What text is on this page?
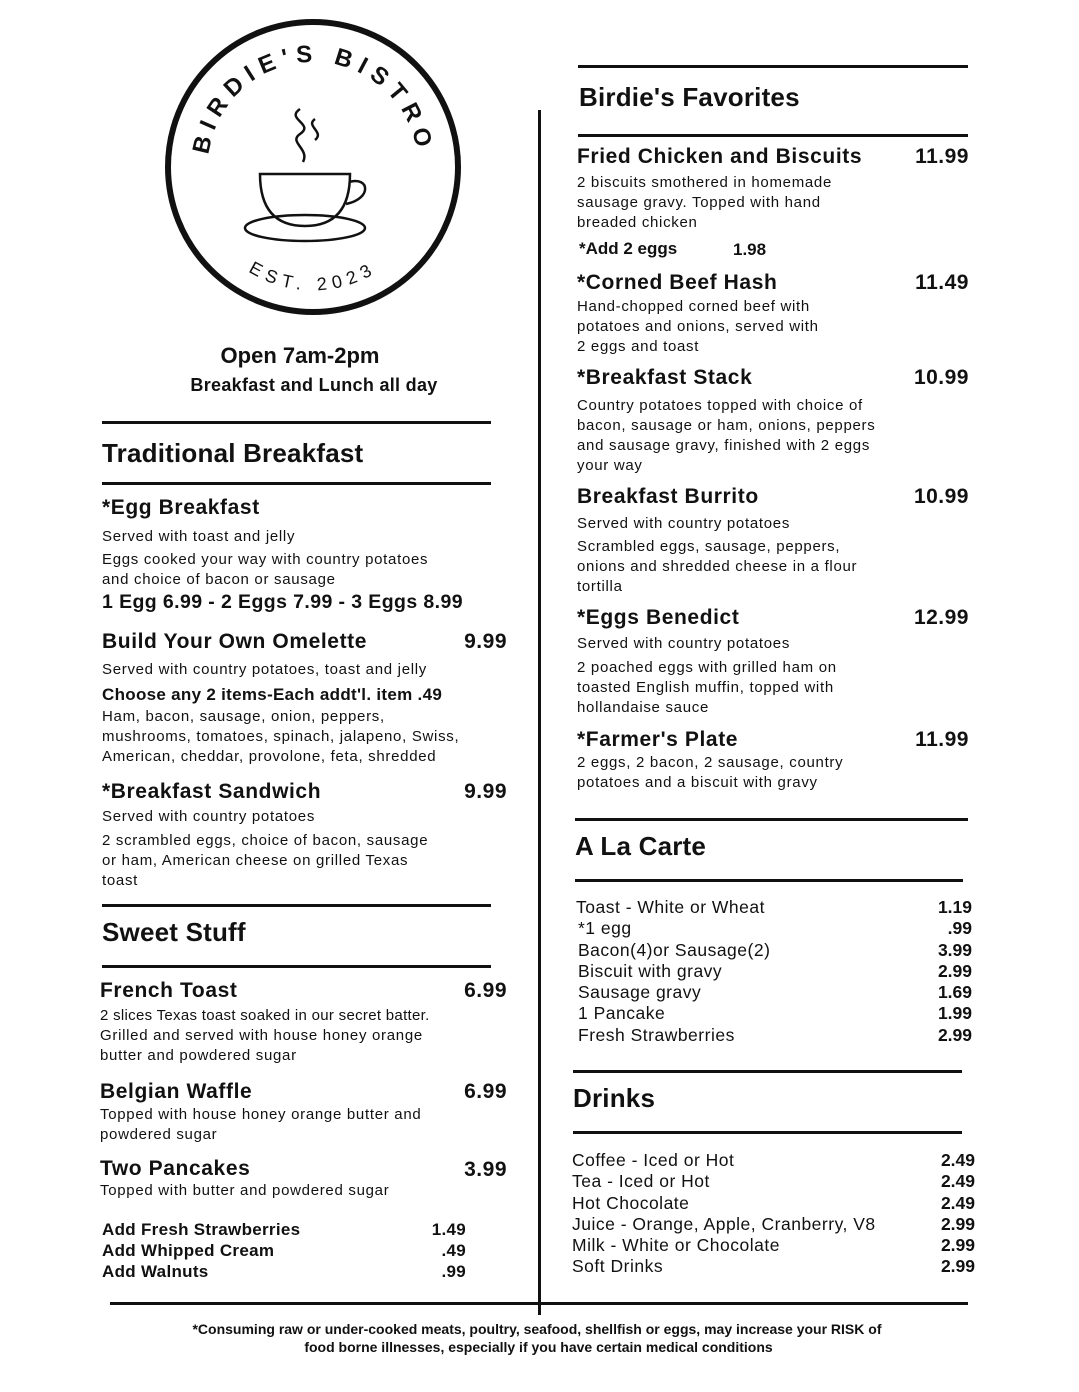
BIRDIE'S BISTRO
EST. 2023
Open 7am-2pm
Breakfast and Lunch all day
Traditional Breakfast
*Egg Breakfast
Served with toast and jelly
Eggs cooked your way with country potatoes
and choice of bacon or sausage
1 Egg 6.99 - 2 Eggs 7.99 - 3 Eggs 8.99
Build Your Own Omelette	9.99
Served with country potatoes, toast and jelly
Choose any 2 items-Each addt'l. item .49
Ham, bacon, sausage, onion, peppers,
mushrooms, tomatoes, spinach, jalapeno, Swiss,
American, cheddar, provolone, feta, shredded
*Breakfast Sandwich	9.99
Served with country potatoes
2 scrambled eggs, choice of bacon, sausage
or ham, American cheese on grilled Texas
toast
Sweet Stuff
French Toast	6.99
2 slices Texas toast soaked in our secret batter.
Grilled and served with house honey orange
butter and powdered sugar
Belgian Waffle	6.99
Topped with house honey orange butter and
powdered sugar
Two Pancakes	3.99
Topped with butter and powdered sugar
Add Fresh Strawberries	1.49
Add Whipped Cream	.49
Add Walnuts	.99
Birdie's Favorites
Fried Chicken and Biscuits	11.99
2 biscuits smothered in homemade
sausage gravy. Topped with hand
breaded chicken
*Add 2 eggs	1.98
*Corned Beef Hash	11.49
Hand-chopped corned beef with
potatoes and onions, served with
2 eggs and toast
*Breakfast Stack	10.99
Country potatoes topped with choice of
bacon, sausage or ham, onions, peppers
and sausage gravy, finished with 2 eggs
your way
Breakfast Burrito	10.99
Served with country potatoes
Scrambled eggs, sausage, peppers,
onions and shredded cheese in a flour
tortilla
*Eggs Benedict	12.99
Served with country potatoes
2 poached eggs with grilled ham on
toasted English muffin, topped with
hollandaise sauce
*Farmer's Plate	11.99
2 eggs, 2 bacon, 2 sausage, country
potatoes and a biscuit with gravy
A La Carte
Toast - White or Wheat	1.19
*1 egg	.99
Bacon(4)or Sausage(2)	3.99
Biscuit with gravy	2.99
Sausage gravy	1.69
1 Pancake	1.99
Fresh Strawberries	2.99
Drinks
Coffee - Iced or Hot	2.49
Tea - Iced or Hot	2.49
Hot Chocolate	2.49
Juice - Orange, Apple, Cranberry, V8	2.99
Milk - White or Chocolate	2.99
Soft Drinks	2.99
*Consuming raw or under-cooked meats, poultry, seafood, shellfish or eggs, may increase your RISK of
food borne illnesses, especially if you have certain medical conditions
